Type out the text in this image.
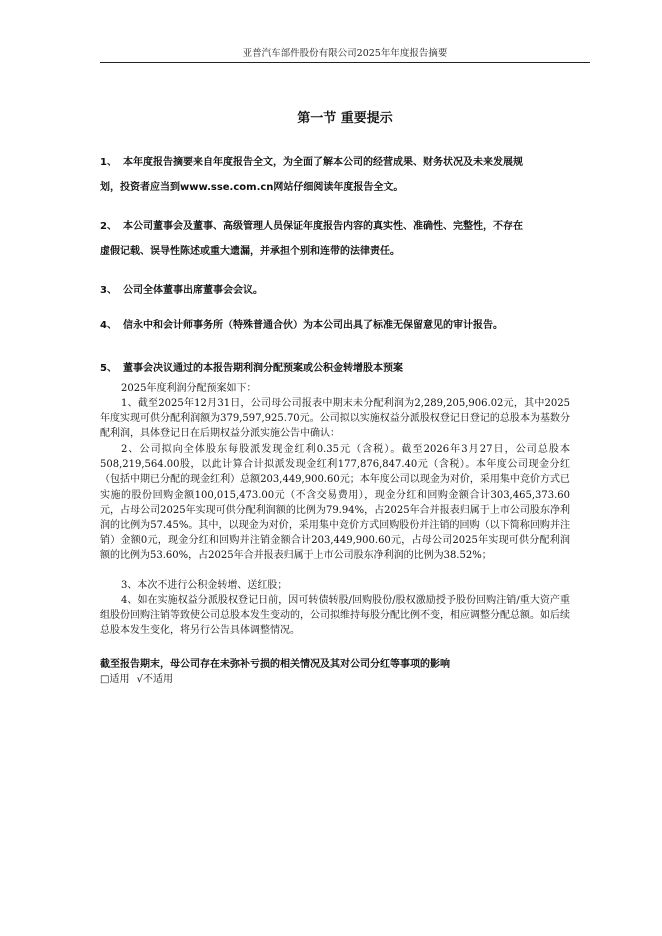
亚普汽车部件股份有限公司2025年年度报告摘要
第一节 重要提示
1、 本年度报告摘要来自年度报告全文，为全面了解本公司的经营成果、财务状况及未来发展规
划，投资者应当到www.sse.com.cn网站仔细阅读年度报告全文。
2、 本公司董事会及董事、高级管理人员保证年度报告内容的真实性、准确性、完整性，不存在
虚假记载、误导性陈述或重大遗漏，并承担个别和连带的法律责任。
3、 公司全体董事出席董事会会议。
4、 信永中和会计师事务所（特殊普通合伙）为本公司出具了标准无保留意见的审计报告。
5、 董事会决议通过的本报告期利润分配预案或公积金转增股本预案
2025年度利润分配预案如下：
1、截至2025年12月31日，公司母公司报表中期末未分配利润为2,289,205,906.02元，其中2025年度实现可供分配利润额为379,597,925.70元。公司拟以实施权益分派股权登记日登记的总股本为基数分配利润，具体登记日在后期权益分派实施公告中确认：
2、公司拟向全体股东每股派发现金红利0.35元（含税）。截至2026年3月27日，公司总股本508,219,564.00股，以此计算合计拟派发现金红利177,876,847.40元（含税）。本年度公司现金分红（包括中期已分配的现金红利）总额203,449,900.60元；本年度公司以现金为对价，采用集中竞价方式已实施的股份回购金额100,015,473.00元（不含交易费用），现金分红和回购金额合计303,465,373.60元，占母公司2025年实现可供分配利润额的比例为79.94%，占2025年合并报表归属于上市公司股东净利润的比例为57.45%。其中，以现金为对价，采用集中竞价方式回购股份并注销的回购（以下简称回购并注销）金额0元，现金分红和回购并注销金额合计203,449,900.60元，占母公司2025年实现可供分配利润额的比例为53.60%，占2025年合并报表归属于上市公司股东净利润的比例为38.52%；
3、本次不进行公积金转增、送红股；
4、如在实施权益分派股权登记日前，因可转债转股/回购股份/股权激励授予股份回购注销/重大资产重组股份回购注销等致使公司总股本发生变动的，公司拟维持每股分配比例不变，相应调整分配总额。如后续总股本发生变化，将另行公告具体调整情况。
截至报告期末，母公司存在未弥补亏损的相关情况及其对公司分红等事项的影响
□适用 √不适用
